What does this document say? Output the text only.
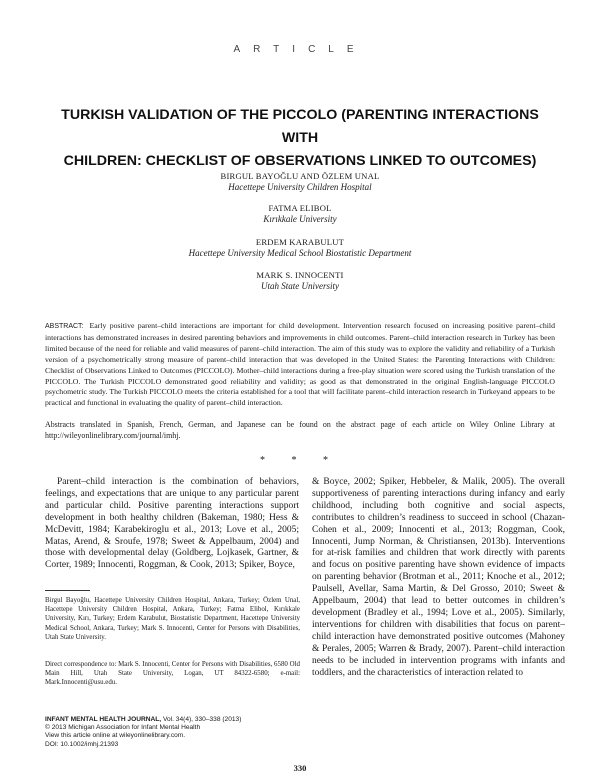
ARTICLE
TURKISH VALIDATION OF THE PICCOLO (PARENTING INTERACTIONS WITH
CHILDREN: CHECKLIST OF OBSERVATIONS LINKED TO OUTCOMES)
BIRGUL BAYOĞLU AND ÖZLEM UNAL
Hacettepe University Children Hospital
FATMA ELIBOL
Kırıkkale University
ERDEM KARABULUT
Hacettepe University Medical School Biostatistic Department
MARK S. INNOCENTI
Utah State University
ABSTRACT: Early positive parent–child interactions are important for child development. Intervention research focused on increasing positive parent–child interactions has demonstrated increases in desired parenting behaviors and improvements in child outcomes. Parent–child interaction research in Turkey has been limited because of the need for reliable and valid measures of parent–child interaction. The aim of this study was to explore the validity and reliability of a Turkish version of a psychometrically strong measure of parent–child interaction that was developed in the United States: the Parenting Interactions with Children: Checklist of Observations Linked to Outcomes (PICCOLO). Mother–child interactions during a free-play situation were scored using the Turkish translation of the PICCOLO. The Turkish PICCOLO demonstrated good reliability and validity; as good as that demonstrated in the original English-language PICCOLO psychometric study. The Turkish PICCOLO meets the criteria established for a tool that will facilitate parent–child interaction research in Turkeyand appears to be practical and functional in evaluating the quality of parent–child interaction.
Abstracts translated in Spanish, French, German, and Japanese can be found on the abstract page of each article on Wiley Online Library at http://wileyonlinelibrary.com/journal/imhj.
* * *
Parent–child interaction is the combination of behaviors, feelings, and expectations that are unique to any particular parent and particular child. Positive parenting interactions support development in both healthy children (Bakeman, 1980; Hess & McDevitt, 1984; Karabekiroglu et al., 2013; Love et al., 2005; Matas, Arend, & Sroufe, 1978; Sweet & Appelbaum, 2004) and those with developmental delay (Goldberg, Lojkasek, Gartner, & Corter, 1989; Innocenti, Roggman, & Cook, 2013; Spiker, Boyce,
& Boyce, 2002; Spiker, Hebbeler, & Malik, 2005). The overall supportiveness of parenting interactions during infancy and early childhood, including both cognitive and social aspects, contributes to children’s readiness to succeed in school (Chazan-Cohen et al., 2009; Innocenti et al., 2013; Roggman, Cook, Innocenti, Jump Norman, & Christiansen, 2013b). Interventions for at-risk families and children that work directly with parents and focus on positive parenting have shown evidence of impacts on parenting behavior (Brotman et al., 2011; Knoche et al., 2012; Paulsell, Avellar, Sama Martin, & Del Grosso, 2010; Sweet & Appelbaum, 2004) that lead to better outcomes in children’s development (Bradley et al., 1994; Love et al., 2005). Similarly, interventions for children with disabilities that focus on parent–child interaction have demonstrated positive outcomes (Mahoney & Perales, 2005; Warren & Brady, 2007). Parent–child interaction needs to be included in intervention programs with infants and toddlers, and the characteristics of interaction related to
Birgul Bayoğlu, Hacettepe University Children Hospital, Ankara, Turkey; Özlem Unal, Hacettepe University Children Hospital, Ankara, Turkey; Fatma Elibol, Kırıkkale University, Kırı, Turkey; Erdem Karabulut, Biostatistic Department, Hacettepe University Medical School, Ankara, Turkey; Mark S. Innocenti, Center for Persons with Disabilities, Utah State University.
Direct correspondence to: Mark S. Innocenti, Center for Persons with Disabilities, 6580 Old Main Hill, Utah State University, Logan, UT 84322-6580; e-mail: Mark.Innocenti@usu.edu.
INFANT MENTAL HEALTH JOURNAL, Vol. 34(4), 330–338 (2013)
© 2013 Michigan Association for Infant Mental Health
View this article online at wileyonlinelibrary.com.
DOI: 10.1002/imhj.21393
330
